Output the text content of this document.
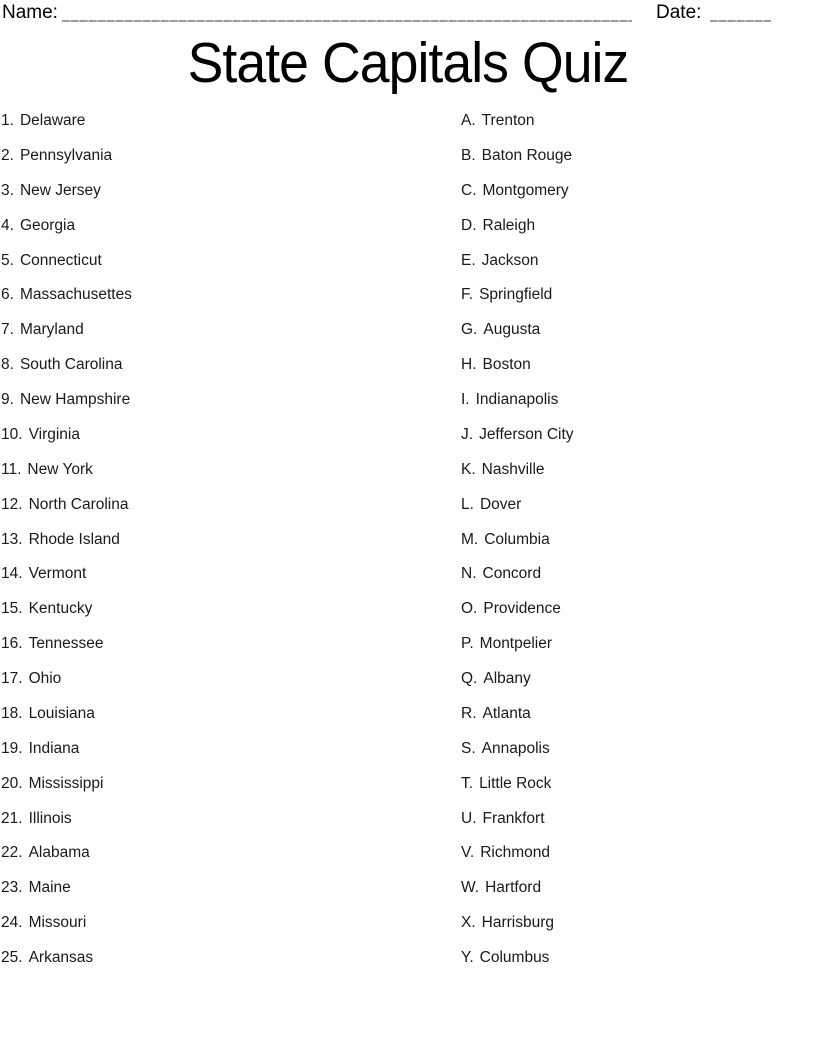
Name:	Date:
State Capitals Quiz
1. Delaware
2. Pennsylvania
3. New Jersey
4. Georgia
5. Connecticut
6. Massachusettes
7. Maryland
8. South Carolina
9. New Hampshire
10. Virginia
11. New York
12. North Carolina
13. Rhode Island
14. Vermont
15. Kentucky
16. Tennessee
17. Ohio
18. Louisiana
19. Indiana
20. Mississippi
21. Illinois
22. Alabama
23. Maine
24. Missouri
25. Arkansas
A. Trenton
B. Baton Rouge
C. Montgomery
D. Raleigh
E. Jackson
F. Springfield
G. Augusta
H. Boston
I. Indianapolis
J. Jefferson City
K. Nashville
L. Dover
M. Columbia
N. Concord
O. Providence
P. Montpelier
Q. Albany
R. Atlanta
S. Annapolis
T. Little Rock
U. Frankfort
V. Richmond
W. Hartford
X. Harrisburg
Y. Columbus
